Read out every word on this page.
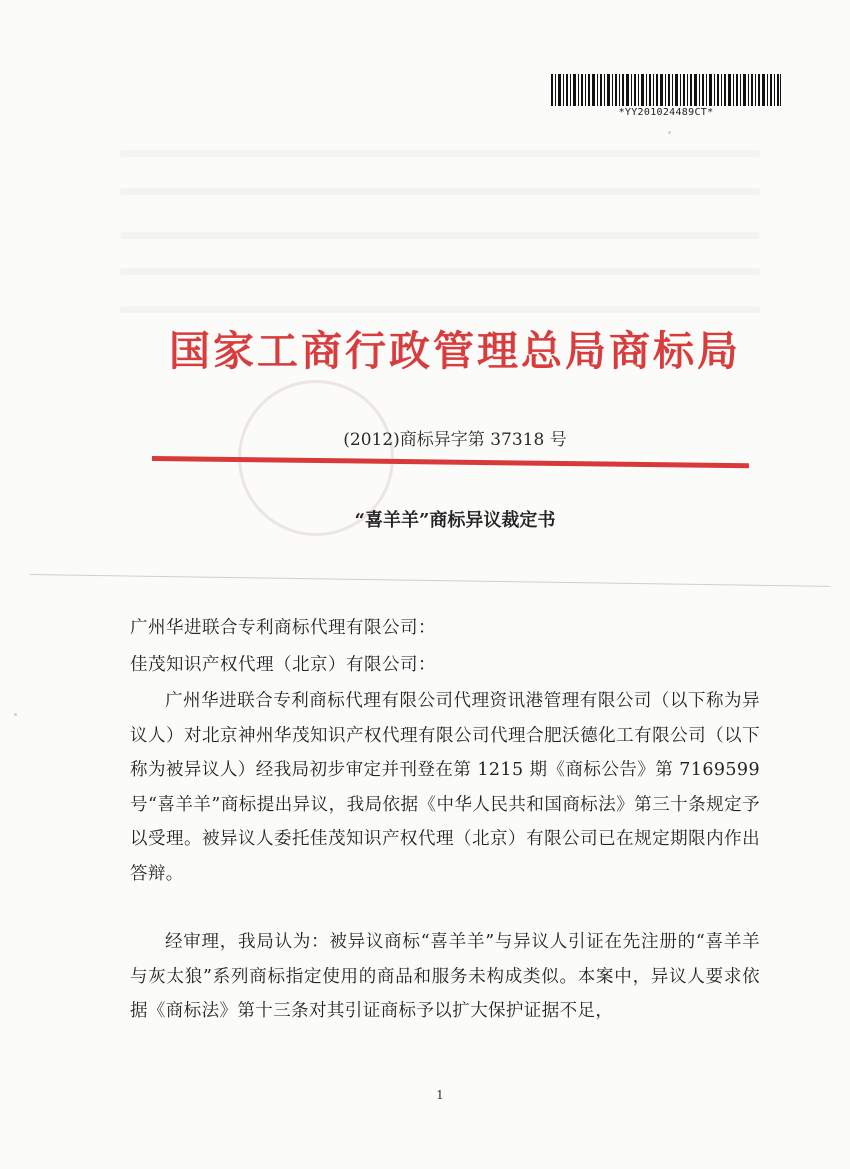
*YY201024489CT*
国家工商行政管理总局商标局
(2012)商标异字第 37318 号
“喜羊羊”商标异议裁定书
广州华进联合专利商标代理有限公司：
佳茂知识产权代理（北京）有限公司：

广州华进联合专利商标代理有限公司代理资讯港管理有限公司（以下称为异议人）对北京神州华茂知识产权代理有限公司代理合肥沃德化工有限公司（以下称为被异议人）经我局初步审定并刊登在第 1215 期《商标公告》第 7169599 号“喜羊羊”商标提出异议，我局依据《中华人民共和国商标法》第三十条规定予以受理。被异议人委托佳茂知识产权代理（北京）有限公司已在规定期限内作出答辩。

经审理，我局认为：被异议商标“喜羊羊”与异议人引证在先注册的“喜羊羊与灰太狼”系列商标指定使用的商品和服务未构成类似。本案中，异议人要求依据《商标法》第十三条对其引证商标予以扩大保护证据不足，

1
